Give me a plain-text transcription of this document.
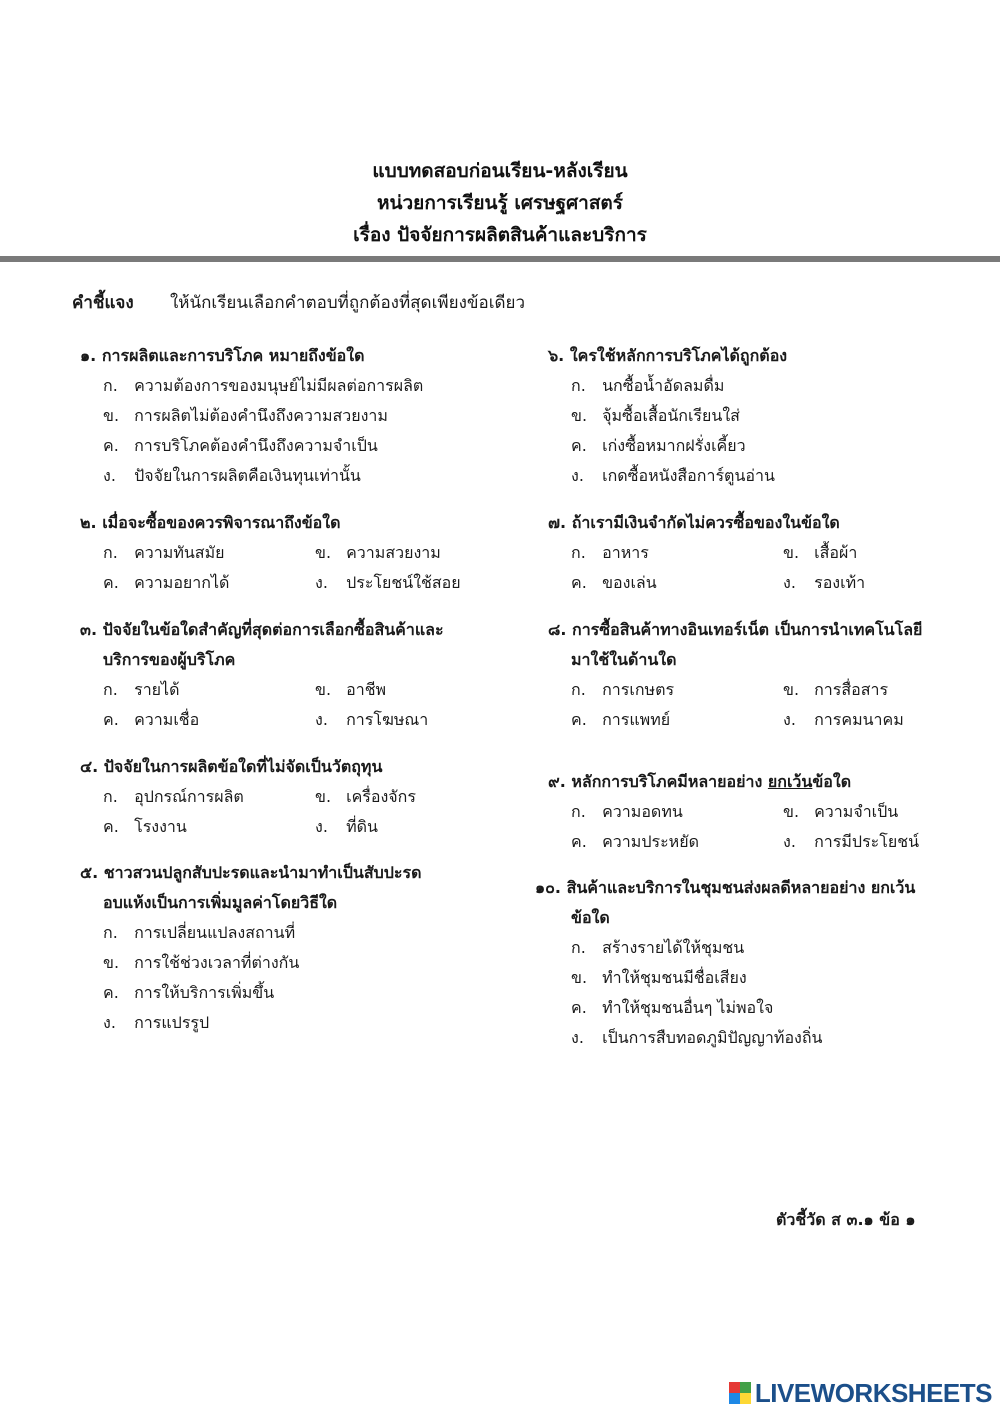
แบบทดสอบก่อนเรียน-หลังเรียน
หน่วยการเรียนรู้ เศรษฐศาสตร์
เรื่อง ปัจจัยการผลิตสินค้าและบริการ
คำชี้แจง ให้นักเรียนเลือกคำตอบที่ถูกต้องที่สุดเพียงข้อเดียว
๑. การผลิตและการบริโภค หมายถึงข้อใด
ก. ความต้องการของมนุษย์ไม่มีผลต่อการผลิต
ข. การผลิตไม่ต้องคำนึงถึงความสวยงาม
ค. การบริโภคต้องคำนึงถึงความจำเป็น
ง. ปัจจัยในการผลิตคือเงินทุนเท่านั้น
๒. เมื่อจะซื้อของควรพิจารณาถึงข้อใด
ก. ความทันสมัย	ข. ความสวยงาม
ค. ความอยากได้	ง. ประโยชน์ใช้สอย
๓. ปัจจัยในข้อใดสำคัญที่สุดต่อการเลือกซื้อสินค้าและ
บริการของผู้บริโภค
ก. รายได้	ข. อาชีพ
ค. ความเชื่อ	ง. การโฆษณา
๔. ปัจจัยในการผลิตข้อใดที่ไม่จัดเป็นวัตถุทุน
ก. อุปกรณ์การผลิต	ข. เครื่องจักร
ค. โรงงาน	ง. ที่ดิน
๕. ชาวสวนปลูกสับปะรดและนำมาทำเป็นสับปะรด
อบแห้งเป็นการเพิ่มมูลค่าโดยวิธีใด
ก. การเปลี่ยนแปลงสถานที่
ข. การใช้ช่วงเวลาที่ต่างกัน
ค. การให้บริการเพิ่มขึ้น
ง. การแปรรูป
๖. ใครใช้หลักการบริโภคได้ถูกต้อง
ก. นกซื้อน้ำอัดลมดื่ม
ข. จุ้มซื้อเสื้อนักเรียนใส่
ค. เก่งซื้อหมากฝรั่งเคี้ยว
ง. เกดซื้อหนังสือการ์ตูนอ่าน
๗. ถ้าเรามีเงินจำกัดไม่ควรซื้อของในข้อใด
ก. อาหาร	ข. เสื้อผ้า
ค. ของเล่น	ง. รองเท้า
๘. การซื้อสินค้าทางอินเทอร์เน็ต เป็นการนำเทคโนโลยี
มาใช้ในด้านใด
ก. การเกษตร	ข. การสื่อสาร
ค. การแพทย์	ง. การคมนาคม
๙. หลักการบริโภคมีหลายอย่าง ยกเว้นข้อใด
ก. ความอดทน	ข. ความจำเป็น
ค. ความประหยัด	ง. การมีประโยชน์
๑๐. สินค้าและบริการในชุมชนส่งผลดีหลายอย่าง ยกเว้น
ข้อใด
ก. สร้างรายได้ให้ชุมชน
ข. ทำให้ชุมชนมีชื่อเสียง
ค. ทำให้ชุมชนอื่นๆ ไม่พอใจ
ง. เป็นการสืบทอดภูมิปัญญาท้องถิ่น
ตัวชี้วัด ส ๓.๑ ข้อ ๑
LIVEWORKSHEETS
